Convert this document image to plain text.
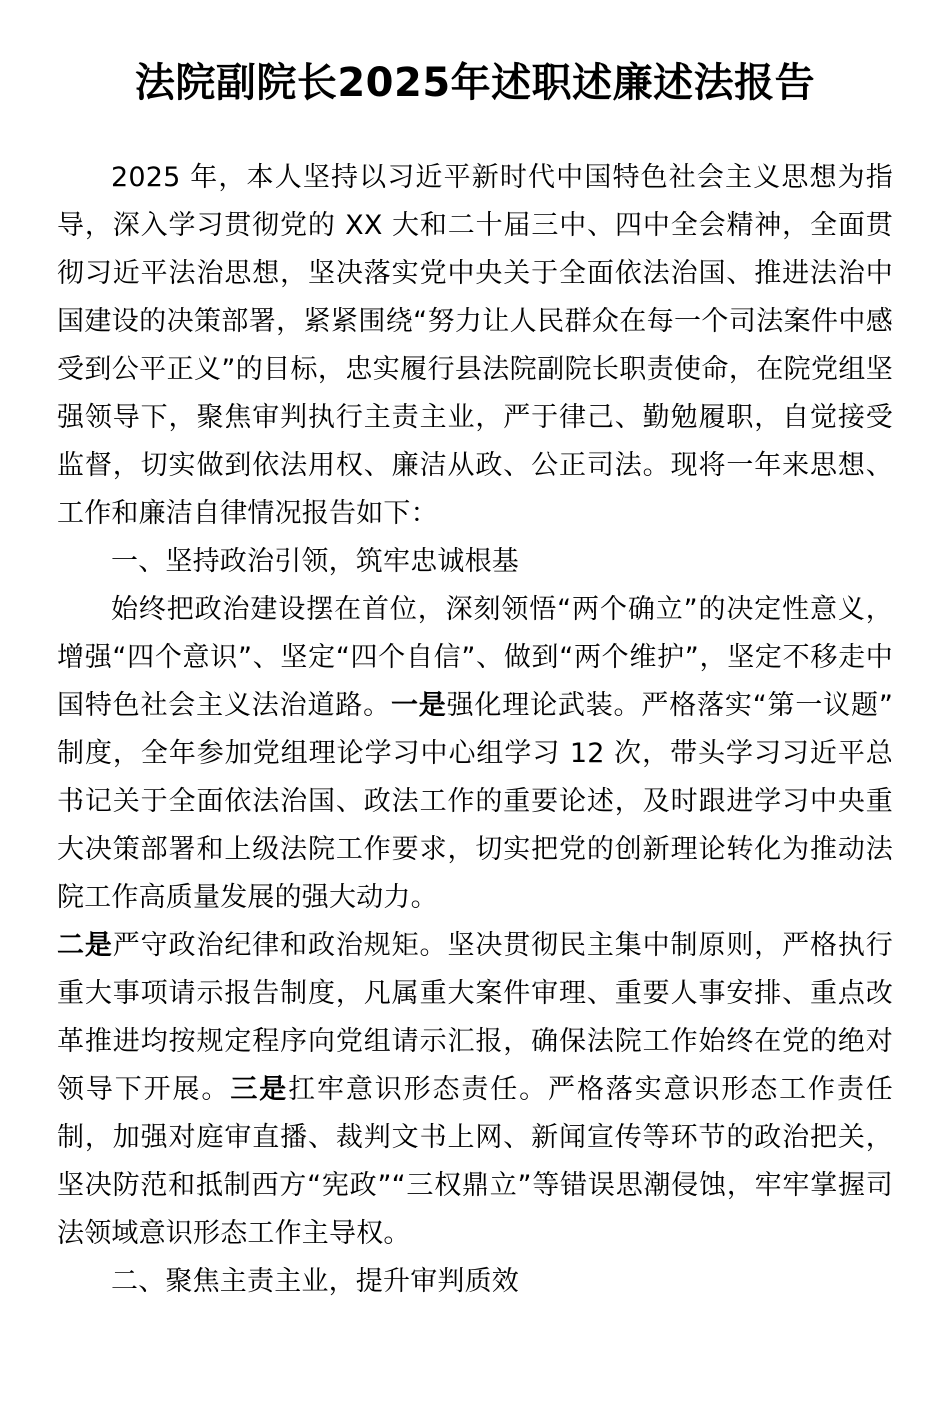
法院副院长2025年述职述廉述法报告

2025 年，本人坚持以习近平新时代中国特色社会主义思想为指导，深入学习贯彻党的 XX 大和二十届三中、四中全会精神，全面贯彻习近平法治思想，坚决落实党中央关于全面依法治国、推进法治中国建设的决策部署，紧紧围绕“努力让人民群众在每一个司法案件中感受到公平正义”的目标，忠实履行县法院副院长职责使命，在院党组坚强领导下，聚焦审判执行主责主业，严于律己、勤勉履职，自觉接受监督，切实做到依法用权、廉洁从政、公正司法。现将一年来思想、工作和廉洁自律情况报告如下：

一、坚持政治引领，筑牢忠诚根基

始终把政治建设摆在首位，深刻领悟“两个确立”的决定性意义，增强“四个意识”、坚定“四个自信”、做到“两个维护”，坚定不移走中国特色社会主义法治道路。一是强化理论武装。严格落实“第一议题”制度，全年参加党组理论学习中心组学习 12 次，带头学习习近平总书记关于全面依法治国、政法工作的重要论述，及时跟进学习中央重大决策部署和上级法院工作要求，切实把党的创新理论转化为推动法院工作高质量发展的强大动力。

二是严守政治纪律和政治规矩。坚决贯彻民主集中制原则，严格执行重大事项请示报告制度，凡属重大案件审理、重要人事安排、重点改革推进均按规定程序向党组请示汇报，确保法院工作始终在党的绝对领导下开展。三是扛牢意识形态责任。严格落实意识形态工作责任制，加强对庭审直播、裁判文书上网、新闻宣传等环节的政治把关，坚决防范和抵制西方“宪政”“三权鼎立”等错误思潮侵蚀，牢牢掌握司法领域意识形态工作主导权。

二、聚焦主责主业，提升审判质效
